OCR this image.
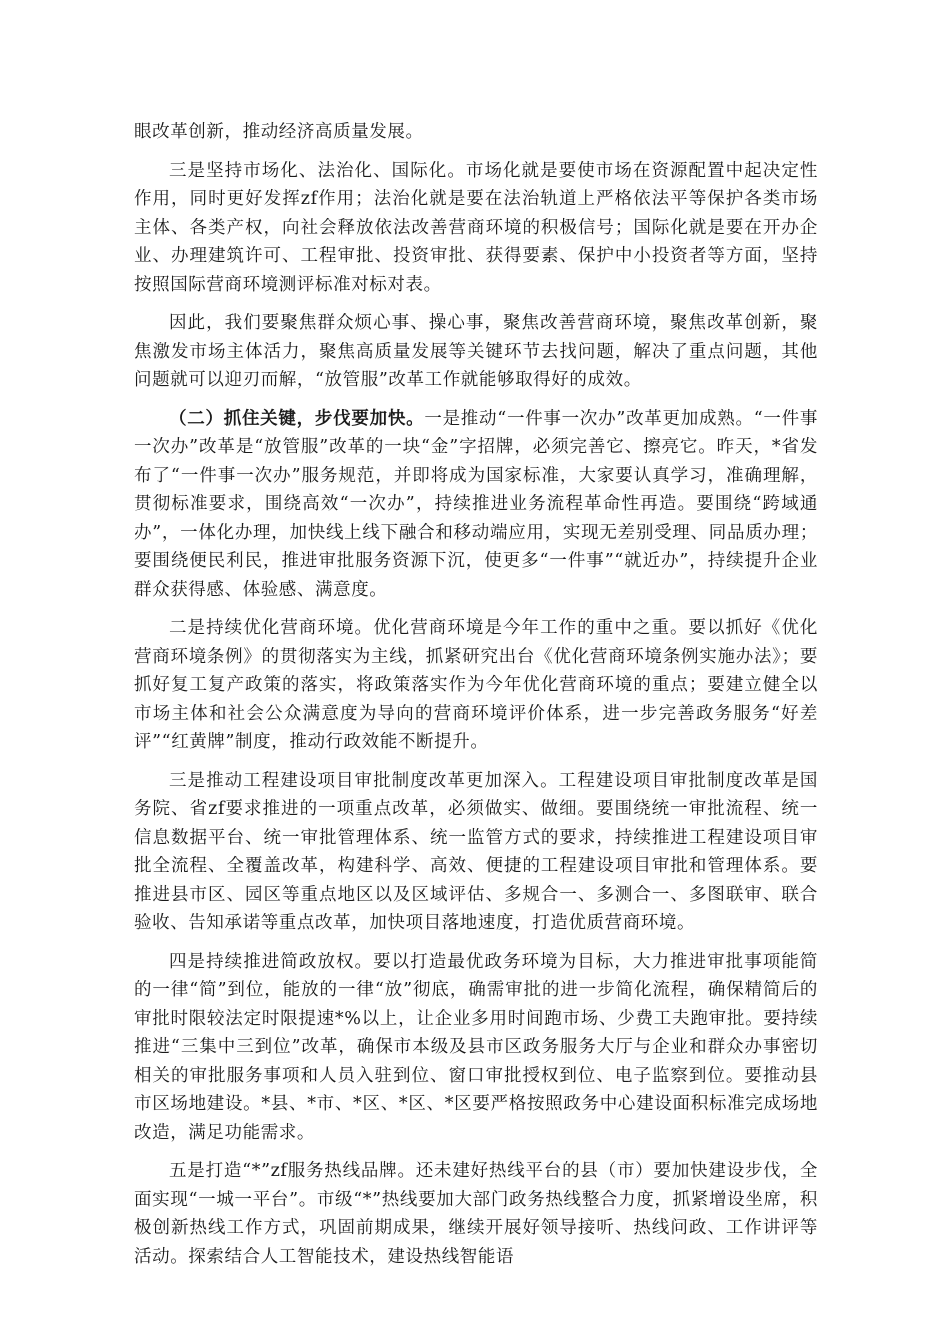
眼改革创新，推动经济高质量发展。

三是坚持市场化、法治化、国际化。市场化就是要使市场在资源配置中起决定性作用，同时更好发挥zf作用；法治化就是要在法治轨道上严格依法平等保护各类市场主体、各类产权，向社会释放依法改善营商环境的积极信号；国际化就是要在开办企业、办理建筑许可、工程审批、投资审批、获得要素、保护中小投资者等方面，坚持按照国际营商环境测评标准对标对表。

因此，我们要聚焦群众烦心事、操心事，聚焦改善营商环境，聚焦改革创新，聚焦激发市场主体活力，聚焦高质量发展等关键环节去找问题，解决了重点问题，其他问题就可以迎刃而解，“放管服”改革工作就能够取得好的成效。

（二）抓住关键，步伐要加快。一是推动“一件事一次办”改革更加成熟。“一件事一次办”改革是“放管服”改革的一块“金”字招牌，必须完善它、擦亮它。昨天，*省发布了“一件事一次办”服务规范，并即将成为国家标准，大家要认真学习，准确理解，贯彻标准要求，围绕高效“一次办”，持续推进业务流程革命性再造。要围绕“跨域通办”，一体化办理，加快线上线下融合和移动端应用，实现无差别受理、同品质办理；要围绕便民利民，推进审批服务资源下沉，使更多“一件事”“就近办”，持续提升企业群众获得感、体验感、满意度。

二是持续优化营商环境。优化营商环境是今年工作的重中之重。要以抓好《优化营商环境条例》的贯彻落实为主线，抓紧研究出台《优化营商环境条例实施办法》；要抓好复工复产政策的落实，将政策落实作为今年优化营商环境的重点；要建立健全以市场主体和社会公众满意度为导向的营商环境评价体系，进一步完善政务服务“好差评”“红黄牌”制度，推动行政效能不断提升。

三是推动工程建设项目审批制度改革更加深入。工程建设项目审批制度改革是国务院、省zf要求推进的一项重点改革，必须做实、做细。要围绕统一审批流程、统一信息数据平台、统一审批管理体系、统一监管方式的要求，持续推进工程建设项目审批全流程、全覆盖改革，构建科学、高效、便捷的工程建设项目审批和管理体系。要推进县市区、园区等重点地区以及区域评估、多规合一、多测合一、多图联审、联合验收、告知承诺等重点改革，加快项目落地速度，打造优质营商环境。

四是持续推进简政放权。要以打造最优政务环境为目标，大力推进审批事项能简的一律“简”到位，能放的一律“放”彻底，确需审批的进一步简化流程，确保精简后的审批时限较法定时限提速*%以上，让企业多用时间跑市场、少费工夫跑审批。要持续推进“三集中三到位”改革，确保市本级及县市区政务服务大厅与企业和群众办事密切相关的审批服务事项和人员入驻到位、窗口审批授权到位、电子监察到位。要推动县市区场地建设。*县、*市、*区、*区、*区要严格按照政务中心建设面积标准完成场地改造，满足功能需求。

五是打造“*”zf服务热线品牌。还未建好热线平台的县（市）要加快建设步伐，全面实现“一城一平台”。市级“*”热线要加大部门政务热线整合力度，抓紧增设坐席，积极创新热线工作方式，巩固前期成果，继续开展好领导接听、热线问政、工作讲评等活动。探索结合人工智能技术，建设热线智能语
